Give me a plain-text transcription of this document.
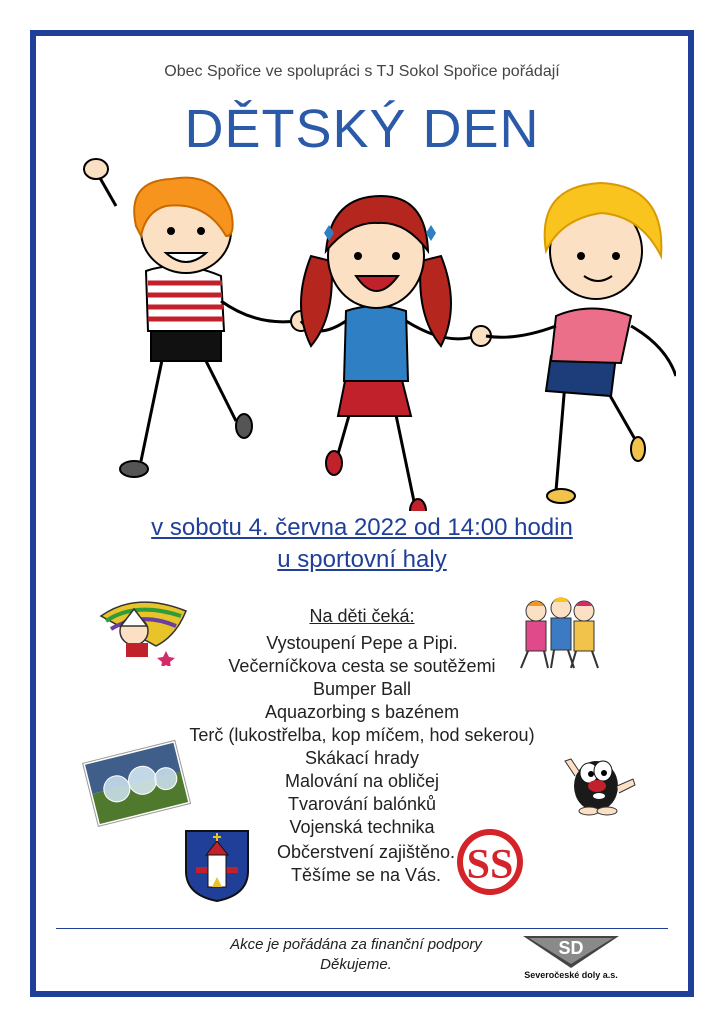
Obec Spořice ve spolupráci s TJ Sokol Spořice pořádají
DĚTSKÝ DEN
v sobotu 4. června 2022 od 14:00 hodin
u sportovní haly
Na děti čeká:
Vystoupení Pepe a Pipi.
Večerníčkova cesta se soutěžemi
Bumper Ball
Aquazorbing s bazénem
Terč (lukostřelba, kop míčem, hod sekerou)
Skákací hrady
Malování na obličej
Tvarování balónků
Vojenská technika
Občerstvení zajištěno.
Těšíme se na Vás. SS
Akce je pořádána za finanční podpory
Děkujeme.
SD
Severočeské doly a.s.
